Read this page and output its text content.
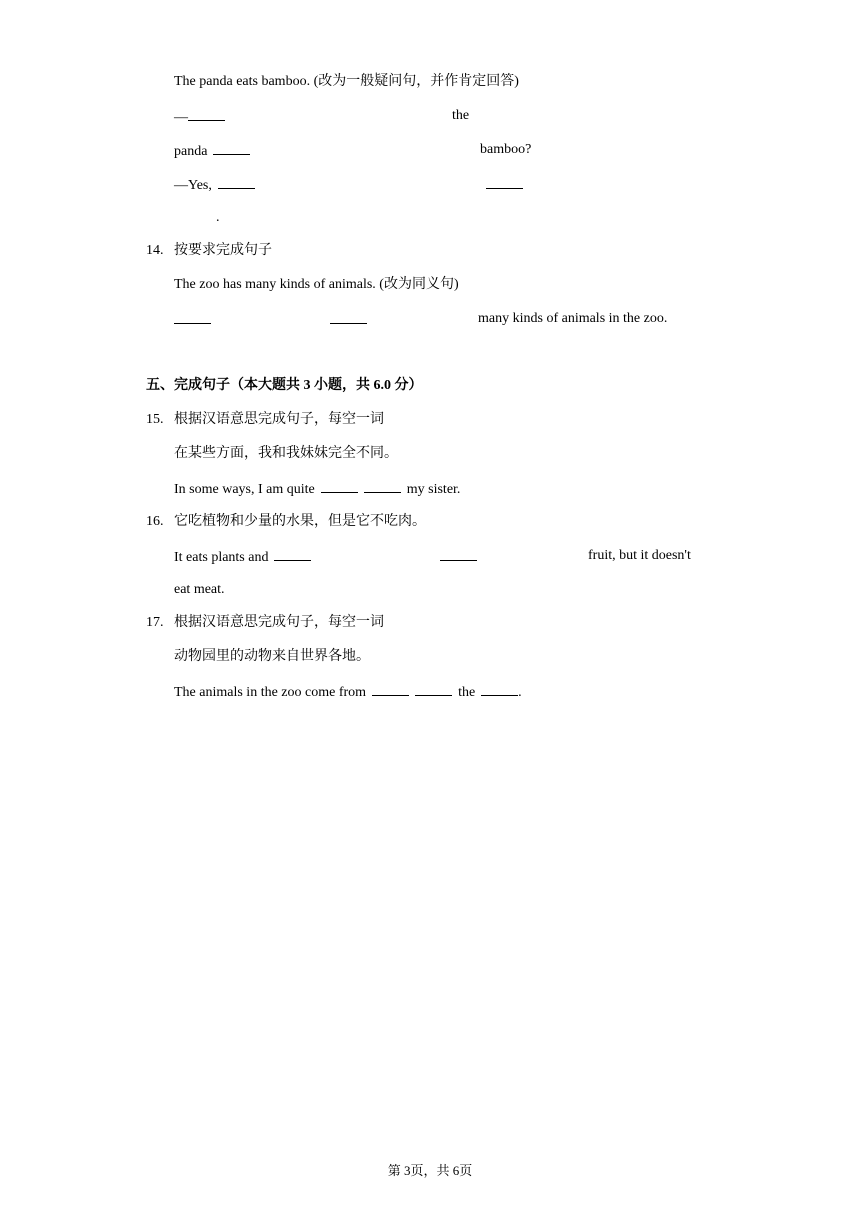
The panda eats bamboo. (改为一般疑问句，并作肯定回答)
—	the
panda	bamboo?
—Yes,
.
14. 按要求完成句子
The zoo has many kinds of animals. (改为同义句)
many kinds of animals in the zoo.
五、完成句子（本大题共 3 小题，共 6.0 分）
15. 根据汉语意思完成句子，每空一词
在某些方面，我和我妹妹完全不同。
In some ways, I am quite	my sister.
16. 它吃植物和少量的水果，但是它不吃肉。
It eats plants and	fruit, but it doesn't
eat meat.
17. 根据汉语意思完成句子，每空一词
动物园里的动物来自世界各地。
The animals in the zoo come from	the	.
第 3页，共 6页
